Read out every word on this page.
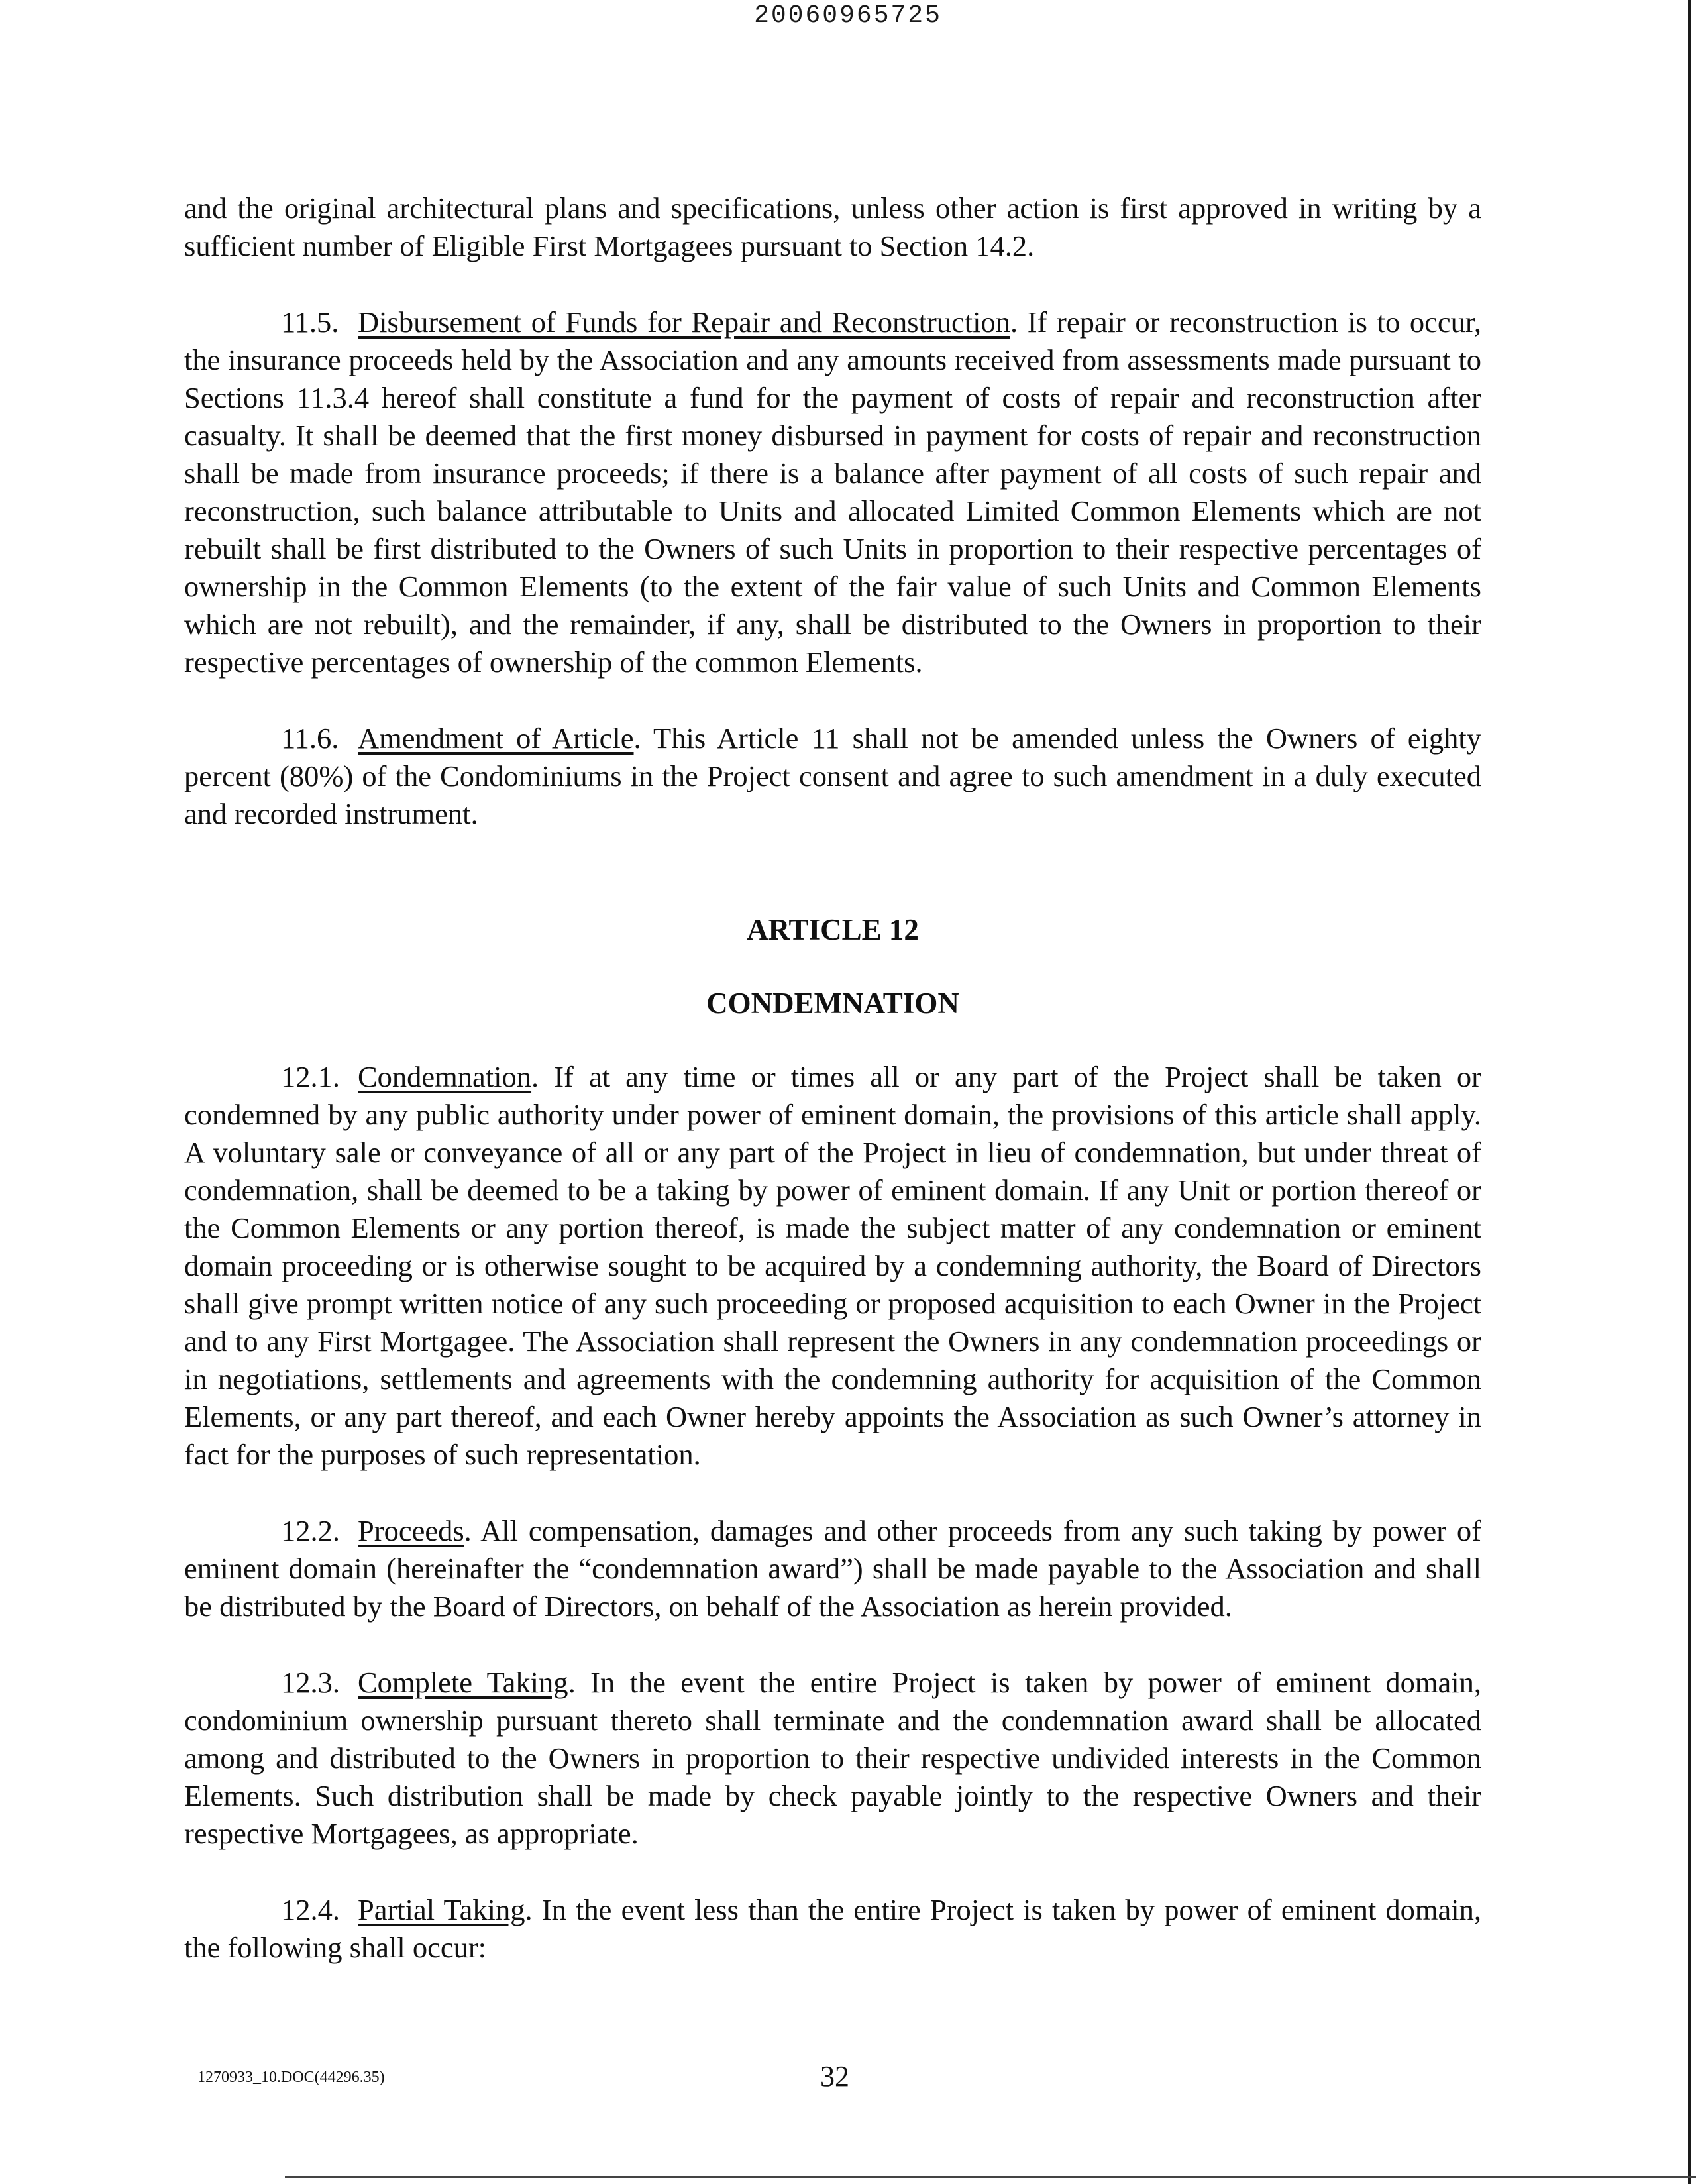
20060965725

and the original architectural plans and specifications, unless other action is first approved in writing by a sufficient number of Eligible First Mortgagees pursuant to Section 14.2.

11.5. Disbursement of Funds for Repair and Reconstruction. If repair or reconstruction is to occur, the insurance proceeds held by the Association and any amounts received from assessments made pursuant to Sections 11.3.4 hereof shall constitute a fund for the payment of costs of repair and reconstruction after casualty. It shall be deemed that the first money disbursed in payment for costs of repair and reconstruction shall be made from insurance proceeds; if there is a balance after payment of all costs of such repair and reconstruction, such balance attributable to Units and allocated Limited Common Elements which are not rebuilt shall be first distributed to the Owners of such Units in proportion to their respective percentages of ownership in the Common Elements (to the extent of the fair value of such Units and Common Elements which are not rebuilt), and the remainder, if any, shall be distributed to the Owners in proportion to their respective percentages of ownership of the common Elements.

11.6. Amendment of Article. This Article 11 shall not be amended unless the Owners of eighty percent (80%) of the Condominiums in the Project consent and agree to such amendment in a duly executed and recorded instrument.

ARTICLE 12
CONDEMNATION

12.1. Condemnation. If at any time or times all or any part of the Project shall be taken or condemned by any public authority under power of eminent domain, the provisions of this article shall apply. A voluntary sale or conveyance of all or any part of the Project in lieu of condemnation, but under threat of condemnation, shall be deemed to be a taking by power of eminent domain. If any Unit or portion thereof or the Common Elements or any portion thereof, is made the subject matter of any condemnation or eminent domain proceeding or is otherwise sought to be acquired by a condemning authority, the Board of Directors shall give prompt written notice of any such proceeding or proposed acquisition to each Owner in the Project and to any First Mortgagee. The Association shall represent the Owners in any condemnation proceedings or in negotiations, settlements and agreements with the condemning authority for acquisition of the Common Elements, or any part thereof, and each Owner hereby appoints the Association as such Owner’s attorney in fact for the purposes of such representation.

12.2. Proceeds. All compensation, damages and other proceeds from any such taking by power of eminent domain (hereinafter the “condemnation award”) shall be made payable to the Association and shall be distributed by the Board of Directors, on behalf of the Association as herein provided.

12.3. Complete Taking. In the event the entire Project is taken by power of eminent domain, condominium ownership pursuant thereto shall terminate and the condemnation award shall be allocated among and distributed to the Owners in proportion to their respective undivided interests in the Common Elements. Such distribution shall be made by check payable jointly to the respective Owners and their respective Mortgagees, as appropriate.

12.4. Partial Taking. In the event less than the entire Project is taken by power of eminent domain, the following shall occur:

1270933_10.DOC(44296.35)	32
